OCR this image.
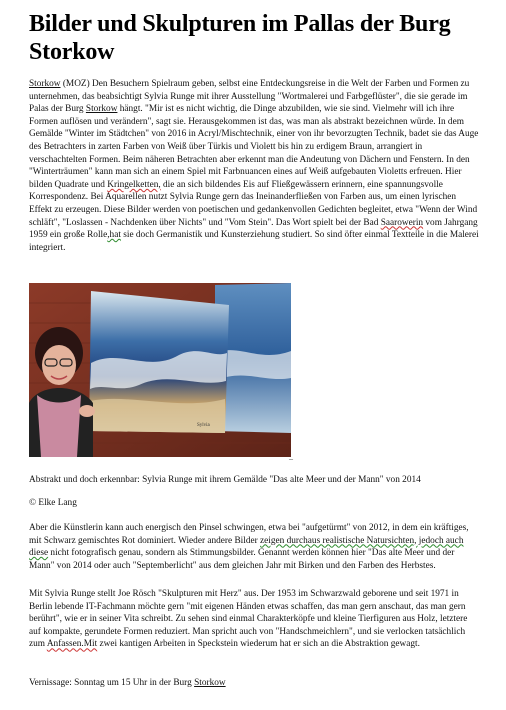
Bilder und Skulpturen im Pallas der Burg Storkow

Storkow (MOZ) Den Besuchern Spielraum geben, selbst eine Entdeckungsreise in die Welt der Farben und Formen zu unternehmen, das beabsichtigt Sylvia Runge mit ihrer Ausstellung "Wortmalerei und Farbgeflüster", die sie gerade im Palas der Burg Storkow hängt. "Mir ist es nicht wichtig, die Dinge abzubilden, wie sie sind. Vielmehr will ich ihre Formen auflösen und verändern", sagt sie. Herausgekommen ist das, was man als abstrakt bezeichnen würde. In dem Gemälde "Winter im Städtchen" von 2016 in Acryl/Mischtechnik, einer von ihr bevorzugten Technik, badet sie das Auge des Betrachters in zarten Farben von Weiß über Türkis und Violett bis hin zu erdigem Braun, arrangiert in verschachtelten Formen. Beim näheren Betrachten aber erkennt man die Andeutung von Dächern und Fenstern. In den "Winterträumen" kann man sich an einem Spiel mit Farbnuancen eines auf Weiß aufgebauten Violetts erfreuen. Hier bilden Quadrate und Kringelketten, die an sich bildendes Eis auf Fließgewässern erinnern, eine spannungsvolle Korrespondenz. Bei Aquarellen nutzt Sylvia Runge gern das Ineinanderfließen von Farben aus, um einen lyrischen Effekt zu erzeugen. Diese Bilder werden von poetischen und gedankenvollen Gedichten begleitet, etwa "Wenn der Wind schläft", "Loslassen - Nachdenken über Nichts" und "Vom Stein". Das Wort spielt bei der Bad Saarowerin vom Jahrgang 1959 ein große Rolle,hat sie doch Germanistik und Kunsterziehung studiert. So sind öfter einmal Textteile in die Malerei integriert.

Sylvia
_

Abstrakt und doch erkennbar: Sylvia Runge mit ihrem Gemälde "Das alte Meer und der Mann" von 2014

© Elke Lang

Aber die Künstlerin kann auch energisch den Pinsel schwingen, etwa bei "aufgetürmt" von 2012, in dem ein kräftiges, mit Schwarz gemischtes Rot dominiert. Wieder andere Bilder zeigen durchaus realistische Natursichten, jedoch auch diese nicht fotografisch genau, sondern als Stimmungsbilder. Genannt werden können hier "Das alte Meer und der Mann" von 2014 oder auch "Septemberlicht" aus dem gleichen Jahr mit Birken und den Farben des Herbstes.

Mit Sylvia Runge stellt Joe Rösch "Skulpturen mit Herz" aus. Der 1953 im Schwarzwald geborene und seit 1971 in Berlin lebende IT-Fachmann möchte gern "mit eigenen Händen etwas schaffen, das man gern anschaut, das man gern berührt", wie er in seiner Vita schreibt. Zu sehen sind einmal Charakterköpfe und kleine Tierfiguren aus Holz, letztere auf kompakte, gerundete Formen reduziert. Man spricht auch von "Handschmeichlern", und sie verlocken tatsächlich zum Anfassen.Mit zwei kantigen Arbeiten in Speckstein wiederum hat er sich an die Abstraktion gewagt.

Vernissage: Sonntag um 15 Uhr in der Burg Storkow
